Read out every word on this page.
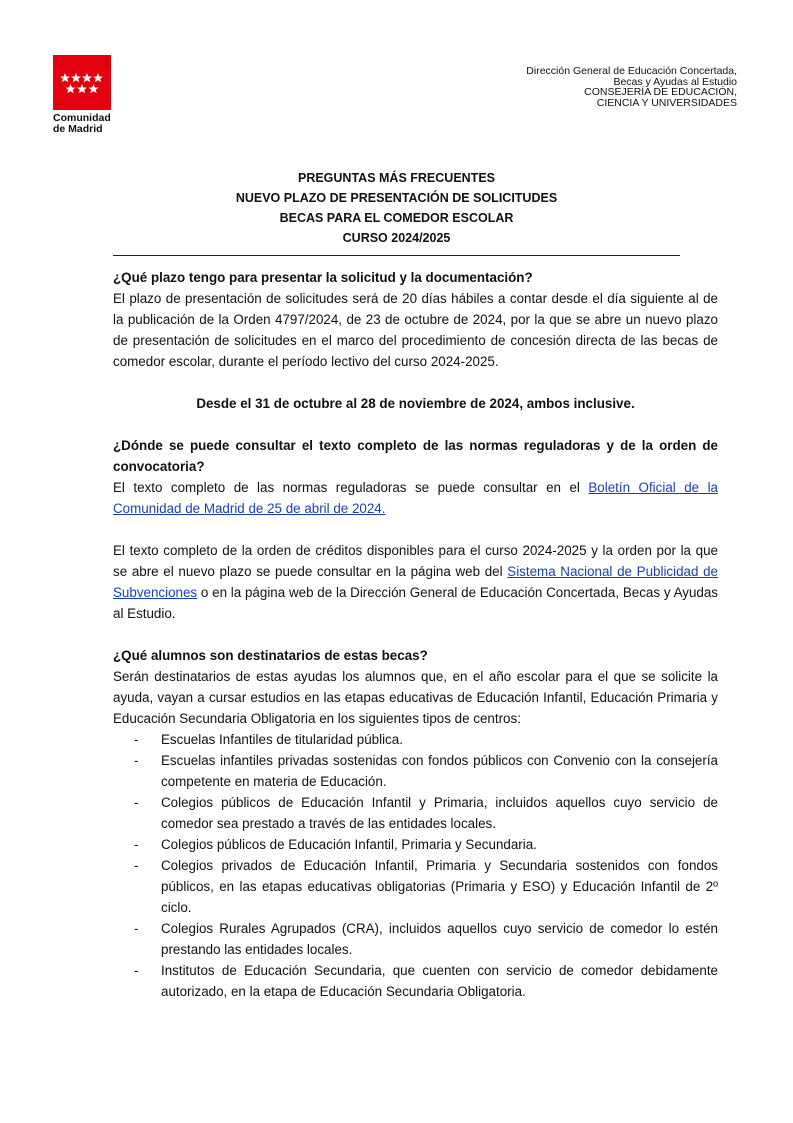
Comunidad
de Madrid
Dirección General de Educación Concertada,
Becas y Ayudas al Estudio
CONSEJERÍA DE EDUCACIÓN,
CIENCIA Y UNIVERSIDADES
PREGUNTAS MÁS FRECUENTES
NUEVO PLAZO DE PRESENTACIÓN DE SOLICITUDES
BECAS PARA EL COMEDOR ESCOLAR
CURSO 2024/2025

¿Qué plazo tengo para presentar la solicitud y la documentación?

El plazo de presentación de solicitudes será de 20 días hábiles a contar desde el día siguiente al de la publicación de la Orden 4797/2024, de 23 de octubre de 2024, por la que se abre un nuevo plazo de presentación de solicitudes en el marco del procedimiento de concesión directa de las becas de comedor escolar, durante el período lectivo del curso 2024-2025.

Desde el 31 de octubre al 28 de noviembre de 2024, ambos inclusive.

¿Dónde se puede consultar el texto completo de las normas reguladoras y de la orden de convocatoria?

El texto completo de las normas reguladoras se puede consultar en el Boletín Oficial de la Comunidad de Madrid de 25 de abril de 2024.

El texto completo de la orden de créditos disponibles para el curso 2024-2025 y la orden por la que se abre el nuevo plazo se puede consultar en la página web del Sistema Nacional de Publicidad de Subvenciones o en la página web de la Dirección General de Educación Concertada, Becas y Ayudas al Estudio.

¿Qué alumnos son destinatarios de estas becas?

Serán destinatarios de estas ayudas los alumnos que, en el año escolar para el que se solicite la ayuda, vayan a cursar estudios en las etapas educativas de Educación Infantil, Educación Primaria y Educación Secundaria Obligatoria en los siguientes tipos de centros:

- Escuelas Infantiles de titularidad pública.
- Escuelas infantiles privadas sostenidas con fondos públicos con Convenio con la consejería competente en materia de Educación.
- Colegios públicos de Educación Infantil y Primaria, incluidos aquellos cuyo servicio de comedor sea prestado a través de las entidades locales.
- Colegios públicos de Educación Infantil, Primaria y Secundaria.
- Colegios privados de Educación Infantil, Primaria y Secundaria sostenidos con fondos públicos, en las etapas educativas obligatorias (Primaria y ESO) y Educación Infantil de 2º ciclo.
- Colegios Rurales Agrupados (CRA), incluidos aquellos cuyo servicio de comedor lo estén prestando las entidades locales.
- Institutos de Educación Secundaria, que cuenten con servicio de comedor debidamente autorizado, en la etapa de Educación Secundaria Obligatoria.
